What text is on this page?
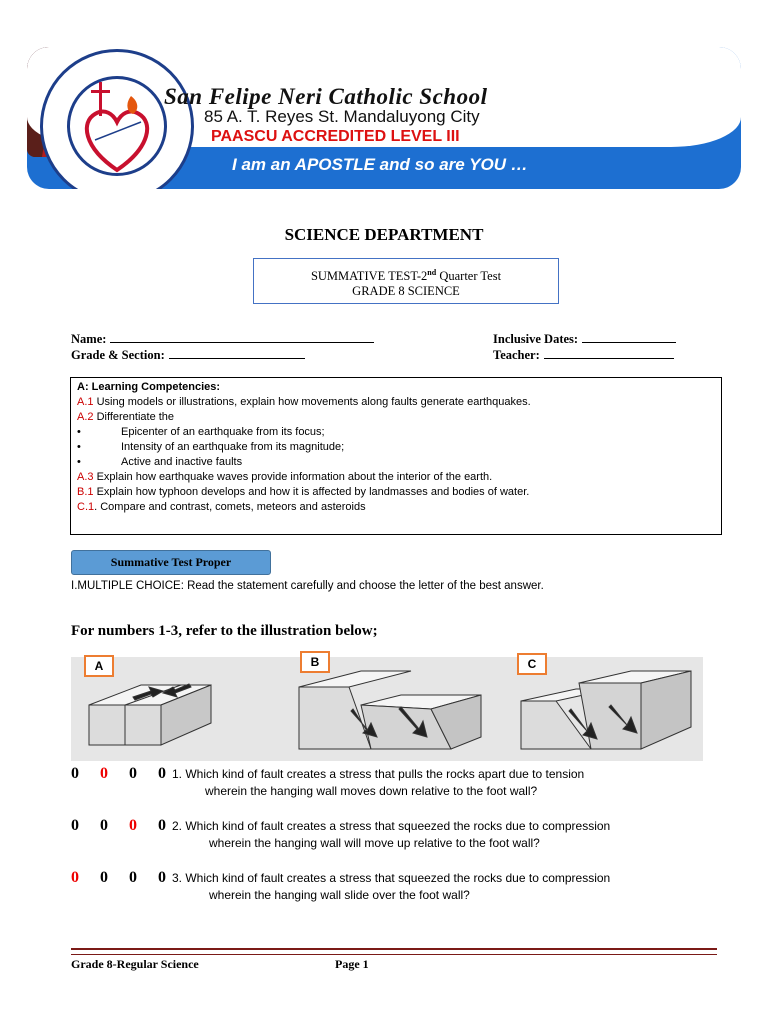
San Felipe Neri Catholic School
85 A. T. Reyes St. Mandaluyong City
PAASCU ACCREDITED LEVEL III
I am an APOSTLE and so are YOU …
SCIENCE DEPARTMENT
SUMMATIVE TEST-2nd Quarter Test
GRADE 8 SCIENCE
Name:
Grade & Section:
Inclusive Dates:
Teacher:
A: Learning Competencies:
A.1 Using models or illustrations, explain how movements along faults generate earthquakes.
A.2 Differentiate the
•	Epicenter of an earthquake from its focus;
•	Intensity of an earthquake from its magnitude;
•	Active and inactive faults
A.3 Explain how earthquake waves provide information about the interior of the earth.
B.1 Explain how typhoon develops and how it is affected by landmasses and bodies of water.
C.1. Compare and contrast, comets, meteors and asteroids
Summative Test Proper
I.MULTIPLE CHOICE: Read the statement carefully and choose the letter of the best answer.
For numbers 1-3, refer to the illustration below;
A	B	C
0 0 0 0 1. Which kind of fault creates a stress that pulls the rocks apart due to tension
wherein the hanging wall moves down relative to the foot wall?
0 0 0 0 2. Which kind of fault creates a stress that squeezed the rocks due to compression
wherein the hanging wall will move up relative to the foot wall?
0 0 0 0 3. Which kind of fault creates a stress that squeezed the rocks due to compression
wherein the hanging wall slide over the foot wall?
Grade 8-Regular Science	Page 1
